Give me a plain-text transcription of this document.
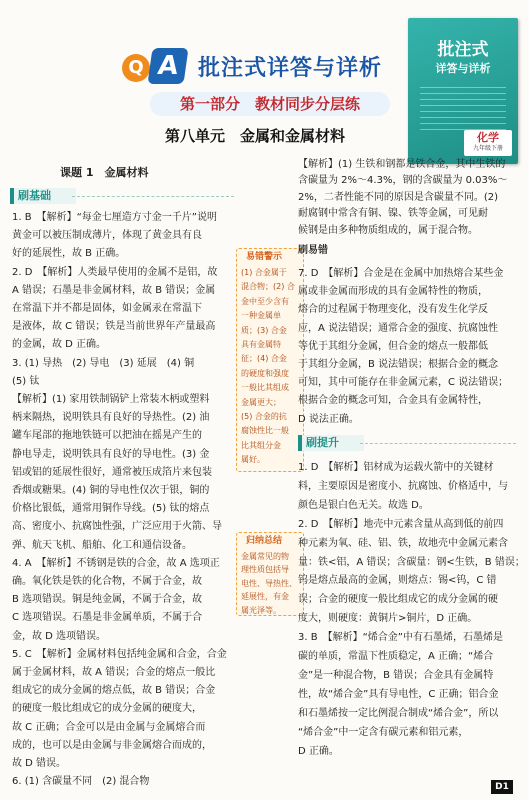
Q A 批注式详答与详析
第一部分　教材同步分层练
第八单元　金属和金属材料
批注式
详答与详析
化学
九年级下册
课题 1　金属材料
刷基础
1. B　【解析】“每金七厘造方寸金一千片”说明
黄金可以被压制成薄片，体现了黄金具有良
好的延展性，故 B 正确。
2. D　【解析】人类最早使用的金属不是铝，故
A 错误；石墨是非金属材料，故 B 错误；金属
在常温下并不都是固体，如金属汞在常温下
是液体，故 C 错误；铁是当前世界年产量最高
的金属，故 D 正确。
3. (1) 导热　(2) 导电　(3) 延展　(4) 铜
(5) 钛
【解析】(1) 家用铁制锅铲上常装木柄或塑料
柄来隔热，说明铁具有良好的导热性。(2) 油
罐车尾部的拖地铁链可以把油在摇晃产生的
静电导走，说明铁具有良好的导电性。(3) 金
铝或铝的延展性很好，通常被压成箔片来包装
香烟或糖果。(4) 铜的导电性仅次于银，铜的
价格比银低，通常用铜作导线。(5) 钛的熔点
高、密度小、抗腐蚀性强，广泛应用于火箭、导
弹、航天飞机、船舶、化工和通信设备。
4. A　【解析】不锈钢是铁的合金，故 A 选项正
确。氧化铁是铁的化合物，不属于合金，故
B 选项错误。铜是纯金属，不属于合金，故
C 选项错误。石墨是非金属单质，不属于合
金，故 D 选项错误。
5. C　【解析】金属材料包括纯金属和合金，合金
属于金属材料，故 A 错误；合金的熔点一般比
组成它的成分金属的熔点低，故 B 错误；合金
的硬度一般比组成它的成分金属的硬度大，
故 C 正确；合金可以是由金属与金属熔合而
成的，也可以是由金属与非金属熔合而成的，
故 D 错误。
6. (1) 含碳量不同　(2) 混合物
易错警示
(1) 合金属于
混合物；(2) 合
金中至少含有
一种金属单
质；(3) 合金
具有金属特
征；(4) 合金
的硬度和强度
一般比其组成
金属更大；
(5) 合金的抗
腐蚀性比一般
比其组分金
属好。
归纳总结
金属常见的物
理性质包括导
电性、导热性、
延展性，有金
属光泽等。
【解析】(1) 生铁和钢都是铁合金，其中生铁的
含碳量为 2%～4.3%，钢的含碳量为 0.03%～
2%，二者性能不同的原因是含碳量不同。(2)
耐腐钢中常含有铜、镍、铁等金属，可见耐
候钢是由多种物质组成的，属于混合物。
刷易错
7. D　【解析】合金是在金属中加热熔合某些金
属或非金属而形成的具有金属特性的物质，
熔合的过程属于物理变化，没有发生化学反
应，A 说法错误；通常合金的强度、抗腐蚀性
等优于其组分金属，但合金的熔点一般都低
于其组分金属，B 说法错误；根据合金的概念
可知，其中可能存在非金属元素，C 说法错误；
根据合金的概念可知，合金具有金属特性，
D 说法正确。
刷提升
1. D　【解析】铝材成为运载火箭中的关键材
料，主要原因是密度小、抗腐蚀、价格适中，与
颜色是银白色无关。故选 D。
2. D　【解析】地壳中元素含量从高到低的前四
种元素为氧、硅、铝、铁，故地壳中金属元素含
量：铁<铝，A 错误；含碳量：钢<生铁，B 错误；
钨是熔点最高的金属，则熔点：锡<钨，C 错
误；合金的硬度一般比组成它的成分金属的硬
度大，则硬度：黄铜片>铜片，D 正确。
3. B　【解析】“烯合金”中有石墨烯，石墨烯是
碳的单质，常温下性质稳定，A 正确；“烯合
金”是一种混合物，B 错误；合金具有金属特
性，故“烯合金”具有导电性，C 正确；铝合金
和石墨烯按一定比例混合制成“烯合金”，所以
“烯合金”中一定含有碳元素和铝元素，
D 正确。
D1
